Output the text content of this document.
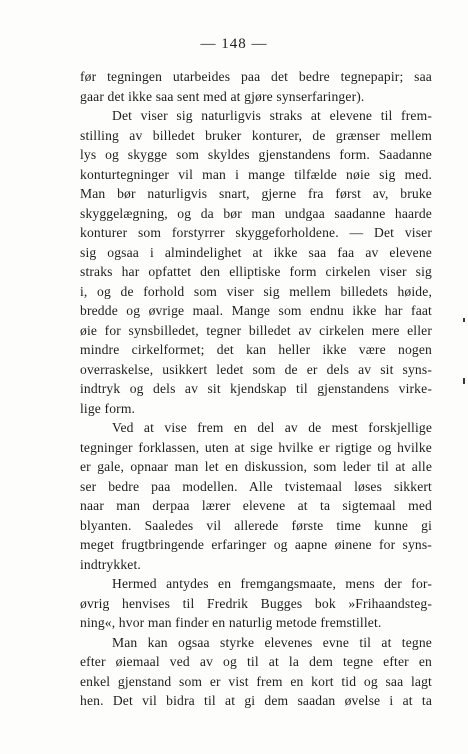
— 148 —
før tegningen utarbeides paa det bedre tegnepapir; saa
gaar det ikke saa sent med at gjøre synserfaringer).
Det viser sig naturligvis straks at elevene til frem-
stilling av billedet bruker konturer, de grænser mellem
lys og skygge som skyldes gjenstandens form. Saadanne
konturtegninger vil man i mange tilfælde nøie sig med.
Man bør naturligvis snart, gjerne fra først av, bruke
skyggelægning, og da bør man undgaa saadanne haarde
konturer som forstyrrer skyggeforholdene. — Det viser
sig ogsaa i almindelighet at ikke saa faa av elevene
straks har opfattet den elliptiske form cirkelen viser sig
i, og de forhold som viser sig mellem billedets høide,
bredde og øvrige maal. Mange som endnu ikke har faat
øie for synsbilledet, tegner billedet av cirkelen mere eller
mindre cirkelformet; det kan heller ikke være nogen
overraskelse, usikkert ledet som de er dels av sit syns-
indtryk og dels av sit kjendskap til gjenstandens virke-
lige form.
Ved at vise frem en del av de mest forskjellige
tegninger forklassen, uten at sige hvilke er rigtige og hvilke
er gale, opnaar man let en diskussion, som leder til at alle
ser bedre paa modellen. Alle tvistemaal løses sikkert
naar man derpaa lærer elevene at ta sigtemaal med
blyanten. Saaledes vil allerede første time kunne gi
meget frugtbringende erfaringer og aapne øinene for syns-
indtrykket.
Hermed antydes en fremgangsmaate, mens der for-
øvrig henvises til Fredrik Bugges bok »Frihaandsteg-
ning«, hvor man finder en naturlig metode fremstillet.
Man kan ogsaa styrke elevenes evne til at tegne
efter øiemaal ved av og til at la dem tegne efter en
enkel gjenstand som er vist frem en kort tid og saa lagt
hen. Det vil bidra til at gi dem saadan øvelse i at ta
